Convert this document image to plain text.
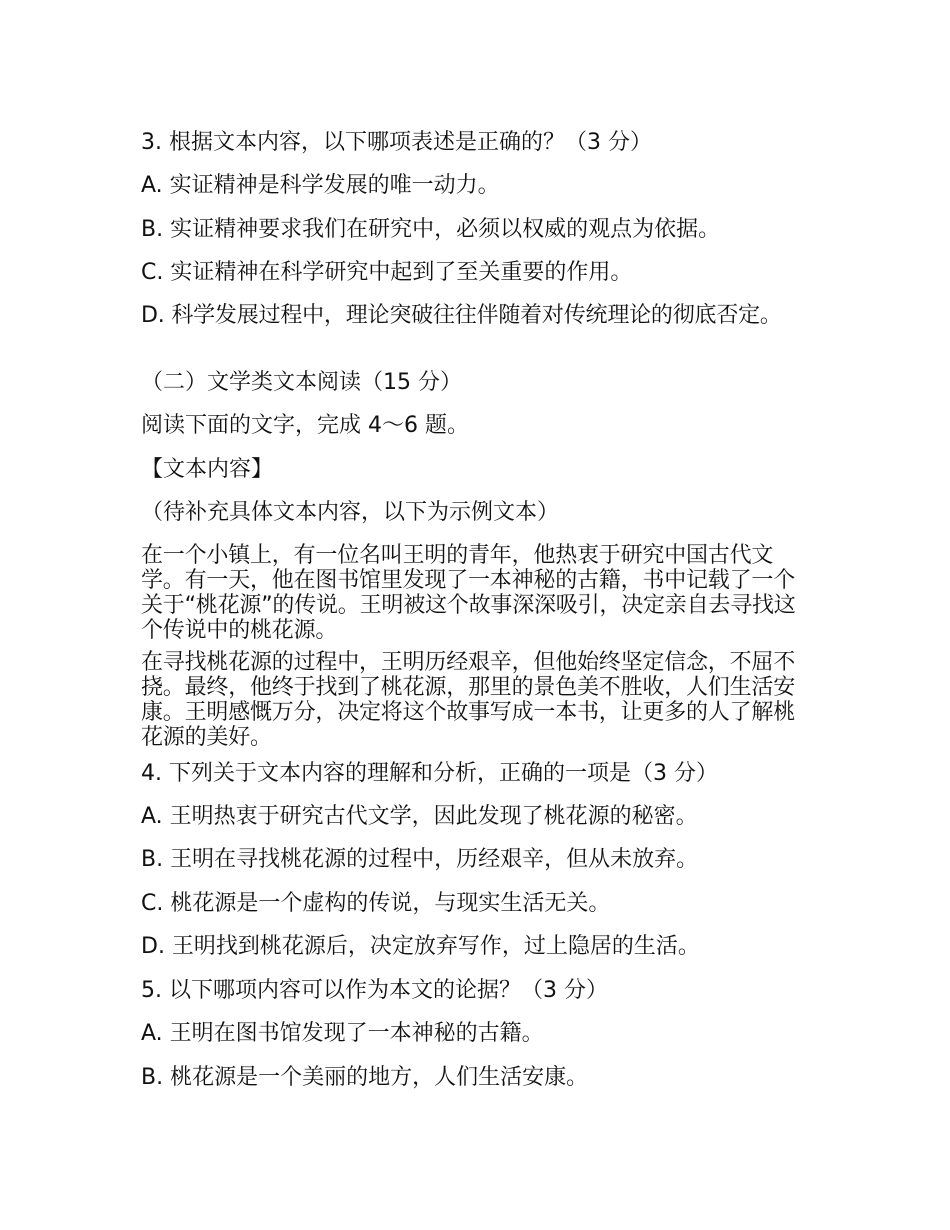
3. 根据文本内容，以下哪项表述是正确的？（3 分）
A. 实证精神是科学发展的唯一动力。
B. 实证精神要求我们在研究中，必须以权威的观点为依据。
C. 实证精神在科学研究中起到了至关重要的作用。
D. 科学发展过程中，理论突破往往伴随着对传统理论的彻底否定。
（二）文学类文本阅读（15 分）
阅读下面的文字，完成 4～6 题。
【文本内容】
（待补充具体文本内容，以下为示例文本）
在一个小镇上，有一位名叫王明的青年，他热衷于研究中国古代文学。有一天，他在图书馆里发现了一本神秘的古籍，书中记载了一个关于“桃花源”的传说。王明被这个故事深深吸引，决定亲自去寻找这个传说中的桃花源。
在寻找桃花源的过程中，王明历经艰辛，但他始终坚定信念，不屈不挠。最终，他终于找到了桃花源，那里的景色美不胜收，人们生活安康。王明感慨万分，决定将这个故事写成一本书，让更多的人了解桃花源的美好。
4. 下列关于文本内容的理解和分析，正确的一项是（3 分）
A. 王明热衷于研究古代文学，因此发现了桃花源的秘密。
B. 王明在寻找桃花源的过程中，历经艰辛，但从未放弃。
C. 桃花源是一个虚构的传说，与现实生活无关。
D. 王明找到桃花源后，决定放弃写作，过上隐居的生活。
5. 以下哪项内容可以作为本文的论据？（3 分）
A. 王明在图书馆发现了一本神秘的古籍。
B. 桃花源是一个美丽的地方，人们生活安康。
